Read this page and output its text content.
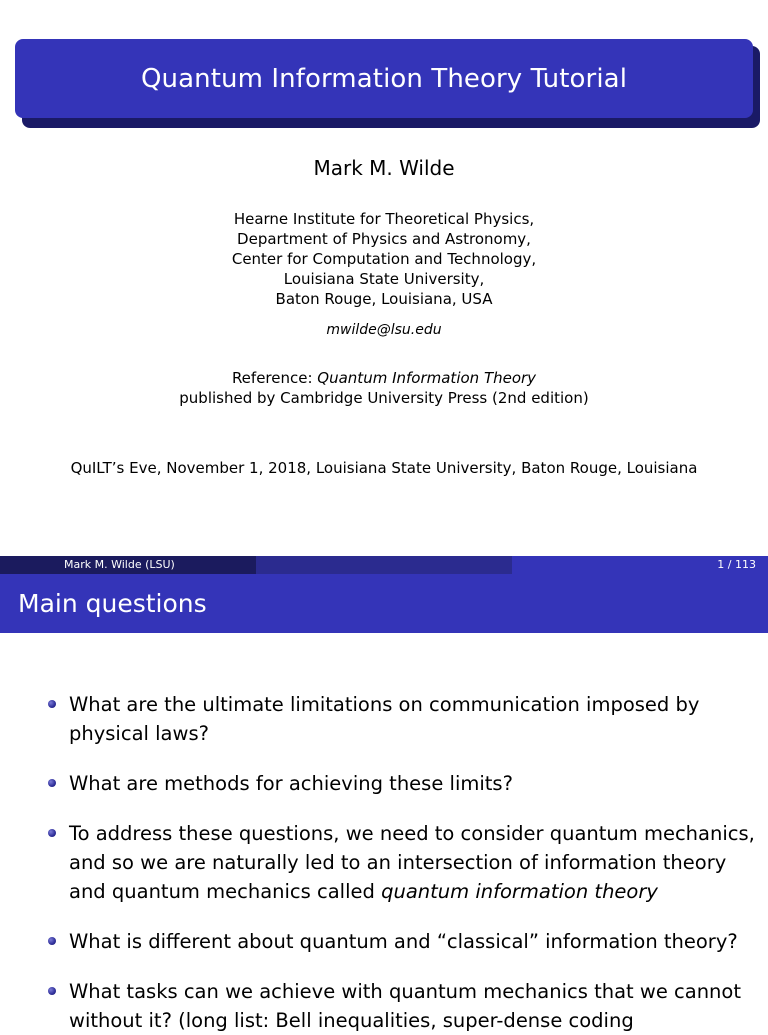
Quantum Information Theory Tutorial
Mark M. Wilde
Hearne Institute for Theoretical Physics,
Department of Physics and Astronomy,
Center for Computation and Technology,
Louisiana State University,
Baton Rouge, Louisiana, USA
mwilde@lsu.edu
Reference: Quantum Information Theory
published by Cambridge University Press (2nd edition)
QuILT’s Eve, November 1, 2018, Louisiana State University, Baton Rouge, Louisiana
Mark M. Wilde (LSU)	1 / 113
Main questions
What are the ultimate limitations on communication imposed by physical laws?
What are methods for achieving these limits?
To address these questions, we need to consider quantum mechanics, and so we are naturally led to an intersection of information theory and quantum mechanics called quantum information theory
What is different about quantum and “classical” information theory?
What tasks can we achieve with quantum mechanics that we cannot without it? (long list: Bell inequalities, super-dense coding
